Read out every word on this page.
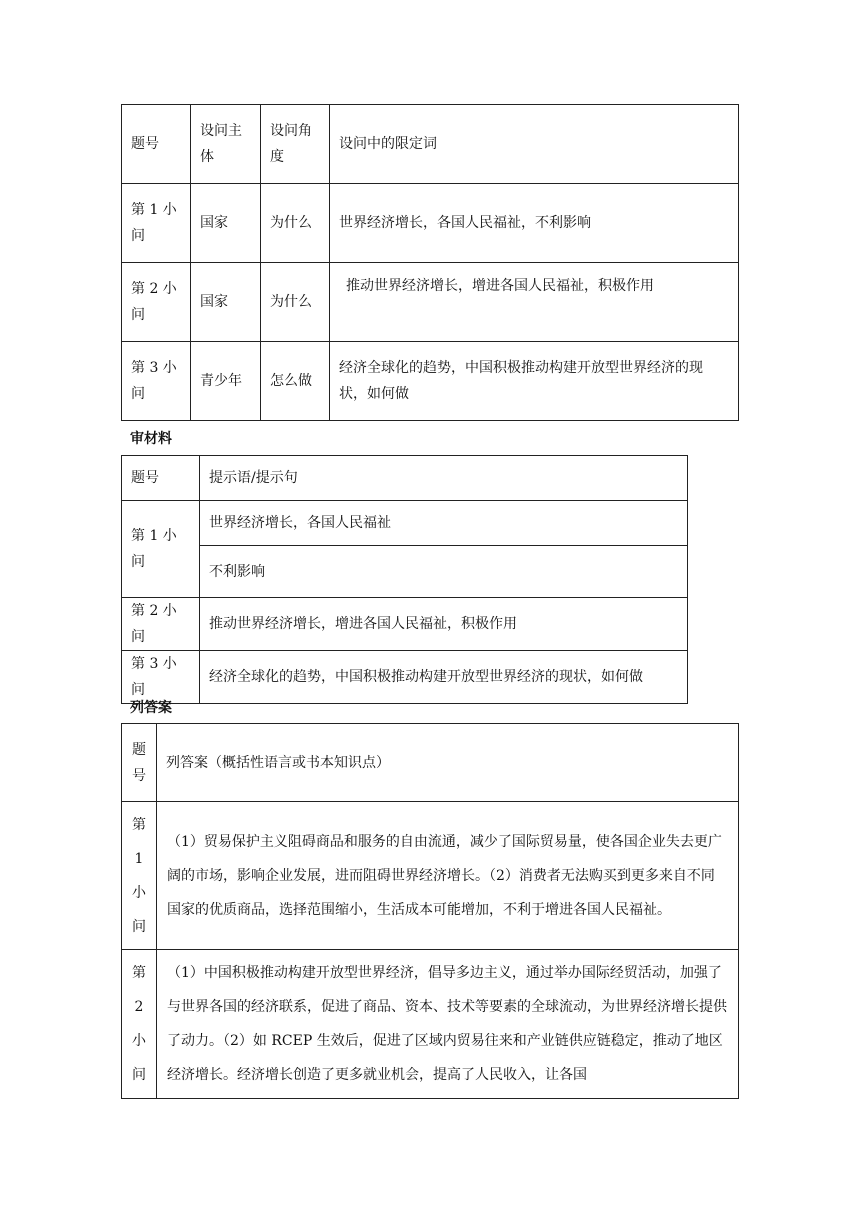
题号	设问主体	设问角度	设问中的限定词
第 1 小问	国家	为什么	世界经济增长，各国人民福祉，不利影响
第 2 小问	国家	为什么	推动世界经济增长，增进各国人民福祉，积极作用
第 3 小问	青少年	怎么做	经济全球化的趋势，中国积极推动构建开放型世界经济的现状，如何做
审材料
题号	提示语/提示句
第 1 小问	世界经济增长，各国人民福祉
	不利影响
第 2 小问	推动世界经济增长，增进各国人民福祉，积极作用
第 3 小问	经济全球化的趋势，中国积极推动构建开放型世界经济的现状，如何做
列答案
题号	列答案（概括性语言或书本知识点）
第 1 小 问	（1）贸易保护主义阻碍商品和服务的自由流通，减少了国际贸易量，使各国企业失去更广阔的市场，影响企业发展，进而阻碍世界经济增长。（2）消费者无法购买到更多来自不同国家的优质商品，选择范围缩小，生活成本可能增加，不利于增进各国人民福祉。
第 2 小 问	（1）中国积极推动构建开放型世界经济，倡导多边主义，通过举办国际经贸活动，加强了与世界各国的经济联系，促进了商品、资本、技术等要素的全球流动，为世界经济增长提供了动力。（2）如 RCEP 生效后，促进了区域内贸易往来和产业链供应链稳定，推动了地区经济增长。经济增长创造了更多就业机会，提高了人民收入，让各国
